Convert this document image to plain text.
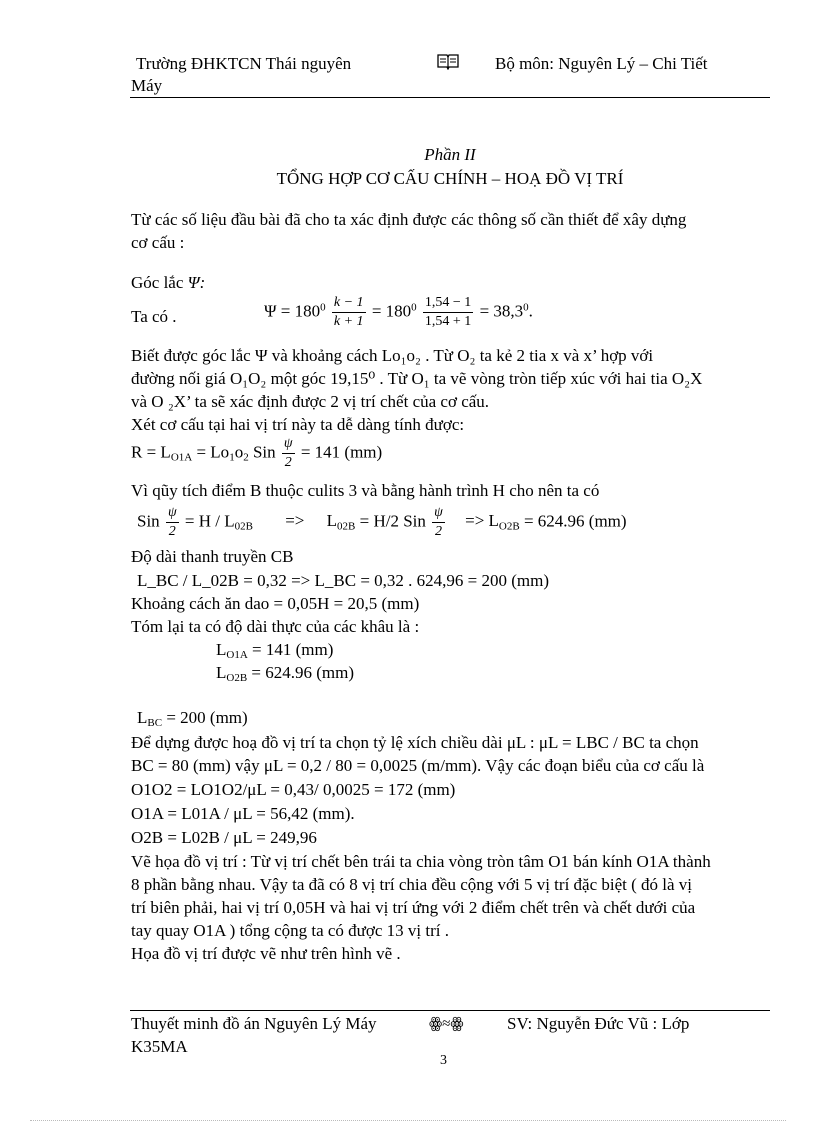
Trường ĐHKTCN Thái nguyên	Bộ môn: Nguyên Lý – Chi Tiết
Máy
Phần II
TỔNG HỢP CƠ CẤU CHÍNH – HOẠ ĐỒ VỊ TRÍ
Từ các số liệu đầu bài đã cho ta xác định được các thông số cần thiết để xây dựng
cơ cấu :
Góc lắc Ψ:
Ta có .	$\Psi = 180^0 \frac{k - 1}{k + 1} = 180^0 \frac{1,54 - 1}{1,54 + 1} = 38,3^0$.
Biết được góc lắc Ψ và khoảng cách Lo₁o₂ . Từ O₂ ta kẻ 2 tia x và x’ hợp với
đường nối giá O₁O₂ một góc 19,15⁰ . Từ O₁ ta vẽ vòng tròn tiếp xúc với hai tia O₂X
và O ₂X’ ta sẽ xác định được 2 vị trí chết của cơ cấu.
Xét cơ cấu tại hai vị trí này ta dễ dàng tính được:
$R = L_{O1A} = Lo_1o_2$ Sin $\frac{\psi}{2} = 141$ (mm)
Vì qũy tích điểm B thuộc culits 3 và bằng hành trình H cho nên ta có
Sin $\frac{\psi}{2} = H / L_{02B} => L_{02B} = H/2$ Sin $\frac{\psi}{2} => L_{O2B} = 624.96$ (mm)
Độ dài thanh truyền CB
L_BC / L_02B = 0,32 => L_BC = 0,32 . 624,96 = 200 (mm)
Khoảng cách ăn dao = 0,05H = 20,5 (mm)
Tóm lại ta có độ dài thực của các khâu là :
$L_{O1A} = 141$ (mm)
$L_{O2B} = 624.96$ (mm)
$L_{BC} = 200$ (mm)
Để dựng được hoạ đồ vị trí ta chọn tỷ lệ xích chiều dài μL : μL = LBC / BC ta chọn
BC = 80 (mm) vậy μL = 0,2 / 80 = 0,0025 (m/mm). Vậy các đoạn biểu của cơ cấu là
O1O2 = LO1O2/μL = 0,43/ 0,0025 = 172 (mm)
O1A = L01A / μL = 56,42 (mm).
O2B = L02B / μL = 249,96
Vẽ họa đồ vị trí : Từ vị trí chết bên trái ta chia vòng tròn tâm O1 bán kính O1A thành
8 phần bằng nhau. Vậy ta đã có 8 vị trí chia đều cộng với 5 vị trí đặc biệt ( đó là vị
trí biên phải, hai vị trí 0,05H và hai vị trí ứng với 2 điểm chết trên và chết dưới của
tay quay O1A ) tổng cộng ta có được 13 vị trí .
Họa đồ vị trí được vẽ như trên hình vẽ .
Thuyết minh đồ án Nguyên Lý Máy	ꙮ≈ꙮ	SV: Nguyễn Đức Vũ : Lớp
K35MA
3
